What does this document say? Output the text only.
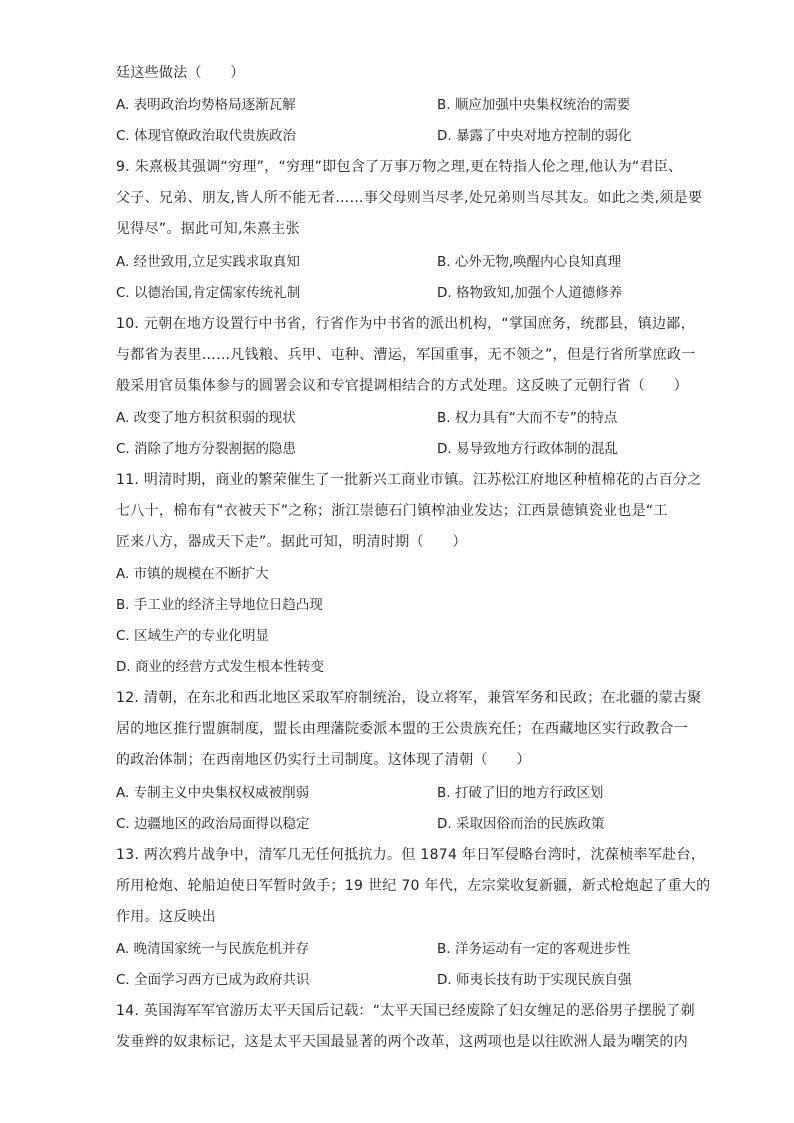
廷这些做法（　　）
A. 表明政治均势格局逐渐瓦解	B. 顺应加强中央集权统治的需要
C. 体现官僚政治取代贵族政治	D. 暴露了中央对地方控制的弱化
9. 朱熹极其强调“穷理”，“穷理”即包含了万事万物之理,更在特指人伦之理,他认为“君臣、
父子、兄弟、朋友,皆人所不能无者……事父母则当尽孝,处兄弟则当尽其友。如此之类,须是要
见得尽”。据此可知,朱熹主张
A. 经世致用,立足实践求取真知	B. 心外无物,唤醒内心良知真理
C. 以德治国,肯定儒家传统礼制	D. 格物致知,加强个人道德修养
10. 元朝在地方设置行中书省，行省作为中书省的派出机构，“掌国庶务，统郡县，镇边鄙，
与都省为表里……凡钱粮、兵甲、屯种、漕运，军国重事，无不领之”，但是行省所掌庶政一
般采用官员集体参与的圆署会议和专官提调相结合的方式处理。这反映了元朝行省（　　）
A. 改变了地方积贫积弱的现状	B. 权力具有“大而不专”的特点
C. 消除了地方分裂割据的隐患	D. 易导致地方行政体制的混乱
11. 明清时期，商业的繁荣催生了一批新兴工商业市镇。江苏松江府地区种植棉花的占百分之
七八十，棉布有“衣被天下”之称；浙江崇德石门镇榨油业发达；江西景德镇瓷业也是“工
匠来八方，器成天下走”。据此可知，明清时期（　　）
A. 市镇的规模在不断扩大
B. 手工业的经济主导地位日趋凸现
C. 区域生产的专业化明显
D. 商业的经营方式发生根本性转变
12. 清朝，在东北和西北地区采取军府制统治，设立将军，兼管军务和民政；在北疆的蒙古聚
居的地区推行盟旗制度，盟长由理藩院委派本盟的王公贵族充任；在西藏地区实行政教合一
的政治体制；在西南地区仍实行土司制度。这体现了清朝（　　）
A. 专制主义中央集权权威被削弱	B. 打破了旧的地方行政区划
C. 边疆地区的政治局面得以稳定	D. 采取因俗而治的民族政策
13. 两次鸦片战争中，清军几无任何抵抗力。但 1874 年日军侵略台湾时，沈葆桢率军赴台，
所用枪炮、轮船迫使日军暂时敛手；19 世纪 70 年代，左宗棠收复新疆，新式枪炮起了重大的
作用。这反映出
A. 晚清国家统一与民族危机并存	B. 洋务运动有一定的客观进步性
C. 全面学习西方已成为政府共识	D. 师夷长技有助于实现民族自强
14. 英国海军军官游历太平天国后记载：“太平天国已经废除了妇女缠足的恶俗男子摆脱了剃
发垂辫的奴隶标记，这是太平天国最显著的两个改革，这两项也是以往欧洲人最为嘲笑的内
